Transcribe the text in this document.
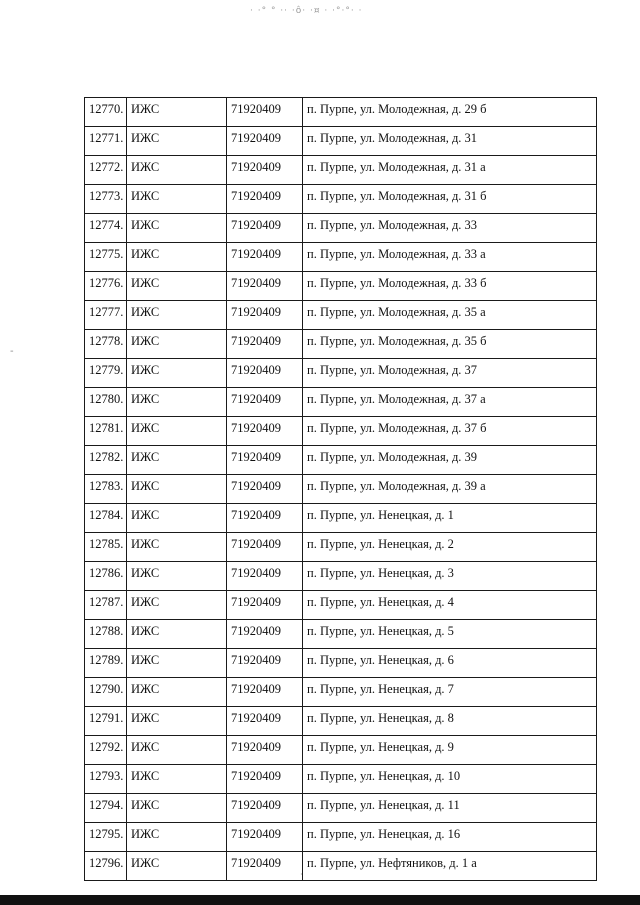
· ·° ° ·· ·ô· ·¤ · ·°·°· ·
-
12770.	ИЖС	71920409	п. Пурпе, ул. Молодежная, д. 29 б
12771.	ИЖС	71920409	п. Пурпе, ул. Молодежная, д. 31
12772.	ИЖС	71920409	п. Пурпе, ул. Молодежная, д. 31 а
12773.	ИЖС	71920409	п. Пурпе, ул. Молодежная, д. 31 б
12774.	ИЖС	71920409	п. Пурпе, ул. Молодежная, д. 33
12775.	ИЖС	71920409	п. Пурпе, ул. Молодежная, д. 33 а
12776.	ИЖС	71920409	п. Пурпе, ул. Молодежная, д. 33 б
12777.	ИЖС	71920409	п. Пурпе, ул. Молодежная, д. 35 а
12778.	ИЖС	71920409	п. Пурпе, ул. Молодежная, д. 35 б
12779.	ИЖС	71920409	п. Пурпе, ул. Молодежная, д. 37
12780.	ИЖС	71920409	п. Пурпе, ул. Молодежная, д. 37 а
12781.	ИЖС	71920409	п. Пурпе, ул. Молодежная, д. 37 б
12782.	ИЖС	71920409	п. Пурпе, ул. Молодежная, д. 39
12783.	ИЖС	71920409	п. Пурпе, ул. Молодежная, д. 39 а
12784.	ИЖС	71920409	п. Пурпе, ул. Ненецкая, д. 1
12785.	ИЖС	71920409	п. Пурпе, ул. Ненецкая, д. 2
12786.	ИЖС	71920409	п. Пурпе, ул. Ненецкая, д. 3
12787.	ИЖС	71920409	п. Пурпе, ул. Ненецкая, д. 4
12788.	ИЖС	71920409	п. Пурпе, ул. Ненецкая, д. 5
12789.	ИЖС	71920409	п. Пурпе, ул. Ненецкая, д. 6
12790.	ИЖС	71920409	п. Пурпе, ул. Ненецкая, д. 7
12791.	ИЖС	71920409	п. Пурпе, ул. Ненецкая, д. 8
12792.	ИЖС	71920409	п. Пурпе, ул. Ненецкая, д. 9
12793.	ИЖС	71920409	п. Пурпе, ул. Ненецкая, д. 10
12794.	ИЖС	71920409	п. Пурпе, ул. Ненецкая, д. 11
12795.	ИЖС	71920409	п. Пурпе, ул. Ненецкая, д. 16
12796.	ИЖС	71920409	п. Пурпе, ул. Нефтяников, д. 1 а
·
